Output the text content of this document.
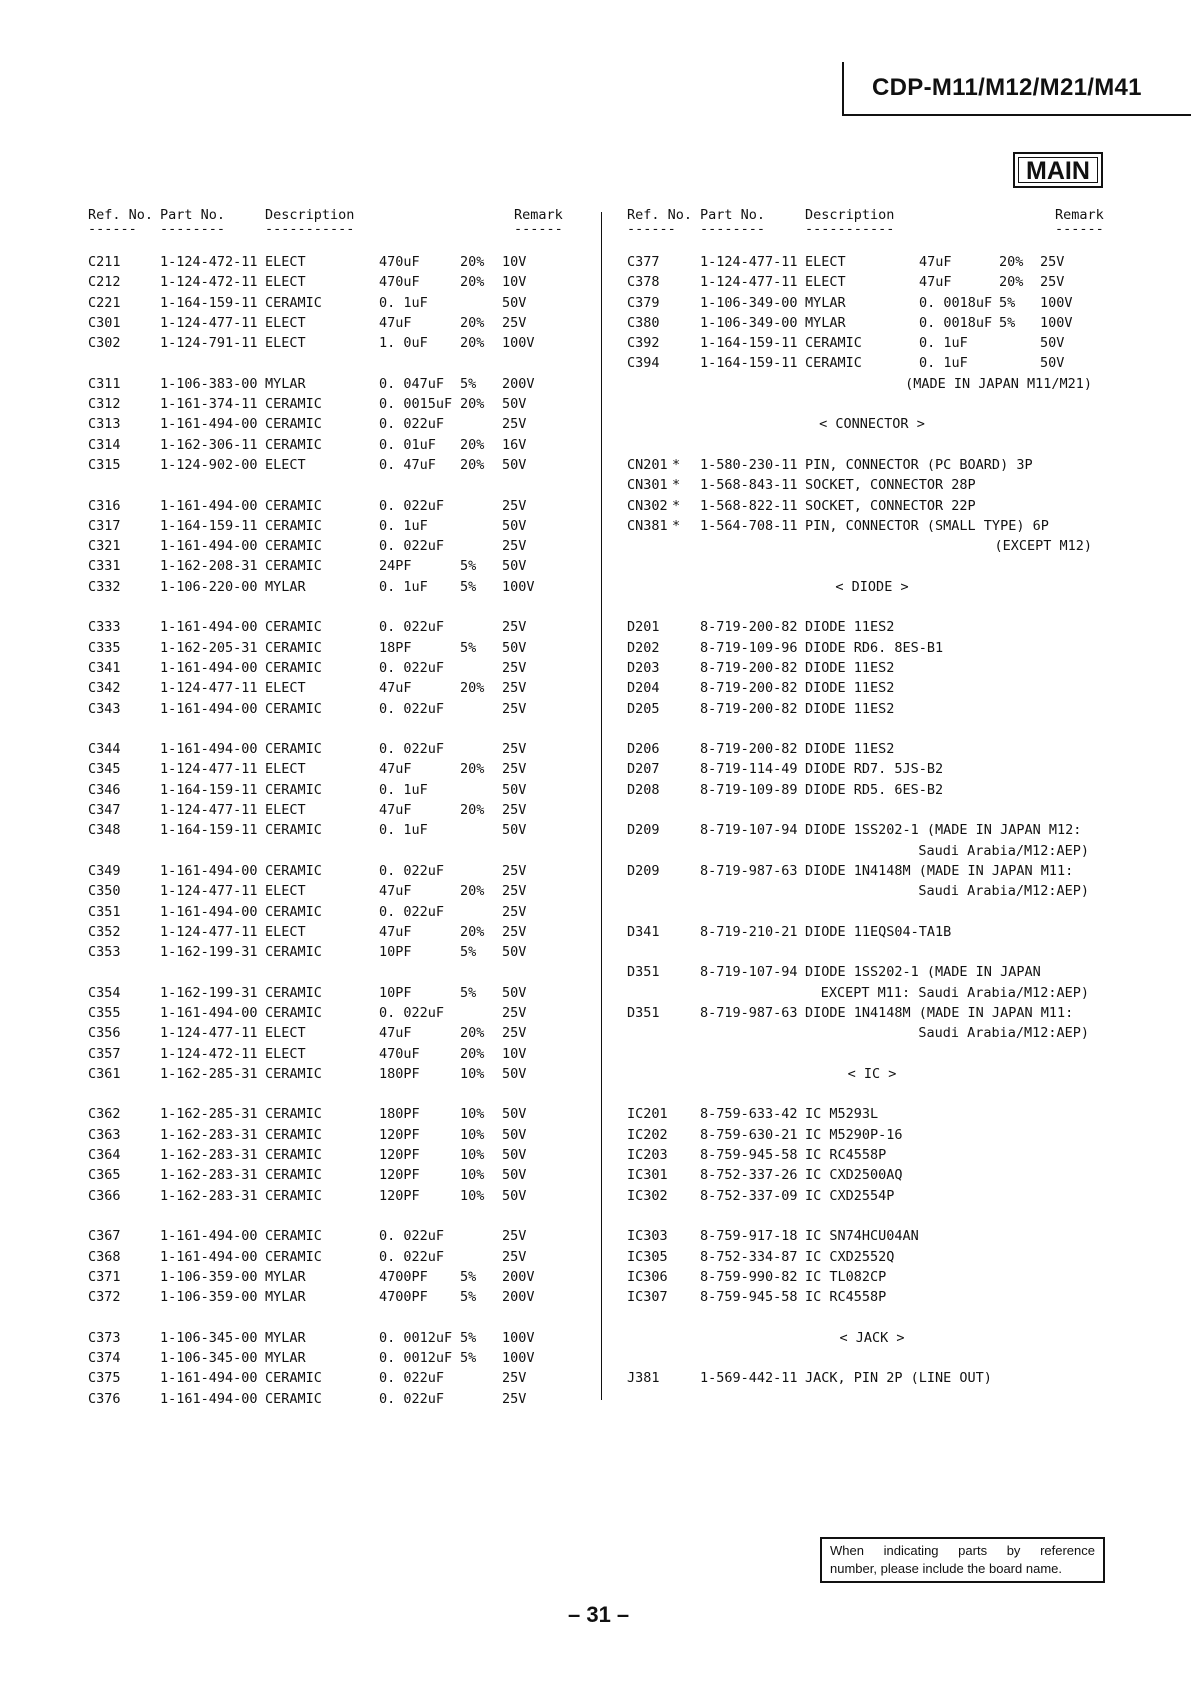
CDP-M11/M12/M21/M41
MAIN
Ref. No. Part No.	Description	Remark
------ --------	-----------	------
C211	1-124-472-11 ELECT	470uF	20% 10V
C212	1-124-472-11 ELECT	470uF	20% 10V
C221	1-164-159-11 CERAMIC	0. 1uF	50V
C301	1-124-477-11 ELECT	47uF	20% 25V
C302	1-124-791-11 ELECT	1. 0uF 20% 100V
C311	1-106-383-00 MYLAR	0. 047uF 5% 200V
C312	1-161-374-11 CERAMIC	0. 0015uF 20% 50V
C313	1-161-494-00 CERAMIC	0. 022uF	25V
C314	1-162-306-11 CERAMIC	0. 01uF 20% 16V
C315	1-124-902-00 ELECT	0. 47uF 20% 50V
C316	1-161-494-00 CERAMIC	0. 022uF	25V
C317	1-164-159-11 CERAMIC	0. 1uF	50V
C321	1-161-494-00 CERAMIC	0. 022uF	25V
C331	1-162-208-31 CERAMIC	24PF	5% 50V
C332	1-106-220-00 MYLAR	0. 1uF 5% 100V
C333	1-161-494-00 CERAMIC	0. 022uF	25V
C335	1-162-205-31 CERAMIC	18PF	5% 50V
C341	1-161-494-00 CERAMIC	0. 022uF	25V
C342	1-124-477-11 ELECT	47uF	20% 25V
C343	1-161-494-00 CERAMIC	0. 022uF	25V
C344	1-161-494-00 CERAMIC	0. 022uF	25V
C345	1-124-477-11 ELECT	47uF	20% 25V
C346	1-164-159-11 CERAMIC	0. 1uF	50V
C347	1-124-477-11 ELECT	47uF	20% 25V
C348	1-164-159-11 CERAMIC	0. 1uF	50V
C349	1-161-494-00 CERAMIC	0. 022uF	25V
C350	1-124-477-11 ELECT	47uF	20% 25V
C351	1-161-494-00 CERAMIC	0. 022uF	25V
C352	1-124-477-11 ELECT	47uF	20% 25V
C353	1-162-199-31 CERAMIC	10PF	5% 50V
C354	1-162-199-31 CERAMIC	10PF	5% 50V
C355	1-161-494-00 CERAMIC	0. 022uF	25V
C356	1-124-477-11 ELECT	47uF	20% 25V
C357	1-124-472-11 ELECT	470uF	20% 10V
C361	1-162-285-31 CERAMIC	180PF	10% 50V
C362	1-162-285-31 CERAMIC	180PF	10% 50V
C363	1-162-283-31 CERAMIC	120PF	10% 50V
C364	1-162-283-31 CERAMIC	120PF	10% 50V
C365	1-162-283-31 CERAMIC	120PF	10% 50V
C366	1-162-283-31 CERAMIC	120PF	10% 50V
C367	1-161-494-00 CERAMIC	0. 022uF	25V
C368	1-161-494-00 CERAMIC	0. 022uF	25V
C371	1-106-359-00 MYLAR	4700PF 5% 200V
C372	1-106-359-00 MYLAR	4700PF 5% 200V
C373	1-106-345-00 MYLAR	0. 0012uF 5% 100V
C374	1-106-345-00 MYLAR	0. 0012uF 5% 100V
C375	1-161-494-00 CERAMIC	0. 022uF	25V
C376	1-161-494-00 CERAMIC	0. 022uF	25V
Ref. No. Part No.	Description	Remark
------ --------	-----------	------
C377	1-124-477-11 ELECT	47uF	20% 25V
C378	1-124-477-11 ELECT	47uF	20% 25V
C379	1-106-349-00 MYLAR	0. 0018uF 5% 100V
C380	1-106-349-00 MYLAR	0. 0018uF 5% 100V
C392	1-164-159-11 CERAMIC	0. 1uF	50V
C394	1-164-159-11 CERAMIC	0. 1uF	50V
(MADE IN JAPAN M11/M21)
< CONNECTOR >
CN201 * 1-580-230-11 PIN, CONNECTOR (PC BOARD) 3P
CN301 * 1-568-843-11 SOCKET, CONNECTOR 28P
CN302 * 1-568-822-11 SOCKET, CONNECTOR 22P
CN381 * 1-564-708-11 PIN, CONNECTOR (SMALL TYPE) 6P
(EXCEPT M12)
< DIODE >
D201	8-719-200-82 DIODE 11ES2
D202	8-719-109-96 DIODE RD6. 8ES-B1
D203	8-719-200-82 DIODE 11ES2
D204	8-719-200-82 DIODE 11ES2
D205	8-719-200-82 DIODE 11ES2
D206	8-719-200-82 DIODE 11ES2
D207	8-719-114-49 DIODE RD7. 5JS-B2
D208	8-719-109-89 DIODE RD5. 6ES-B2
D209	8-719-107-94 DIODE 1SS202-1 (MADE IN JAPAN M12:
Saudi Arabia/M12:AEP)
D209	8-719-987-63 DIODE 1N4148M (MADE IN JAPAN M11:
Saudi Arabia/M12:AEP)
D341	8-719-210-21 DIODE 11EQS04-TA1B
D351	8-719-107-94 DIODE 1SS202-1 (MADE IN JAPAN
EXCEPT M11: Saudi Arabia/M12:AEP)
D351	8-719-987-63 DIODE 1N4148M (MADE IN JAPAN M11:
Saudi Arabia/M12:AEP)
< IC >
IC201 8-759-633-42 IC M5293L
IC202 8-759-630-21 IC M5290P-16
IC203 8-759-945-58 IC RC4558P
IC301 8-752-337-26 IC CXD2500AQ
IC302 8-752-337-09 IC CXD2554P
IC303 8-759-917-18 IC SN74HCU04AN
IC305 8-752-334-87 IC CXD2552Q
IC306 8-759-990-82 IC TL082CP
IC307 8-759-945-58 IC RC4558P
< JACK >
J381	1-569-442-11 JACK, PIN 2P (LINE OUT)
When indicating parts by reference
number, please include the board name.
– 31 –
